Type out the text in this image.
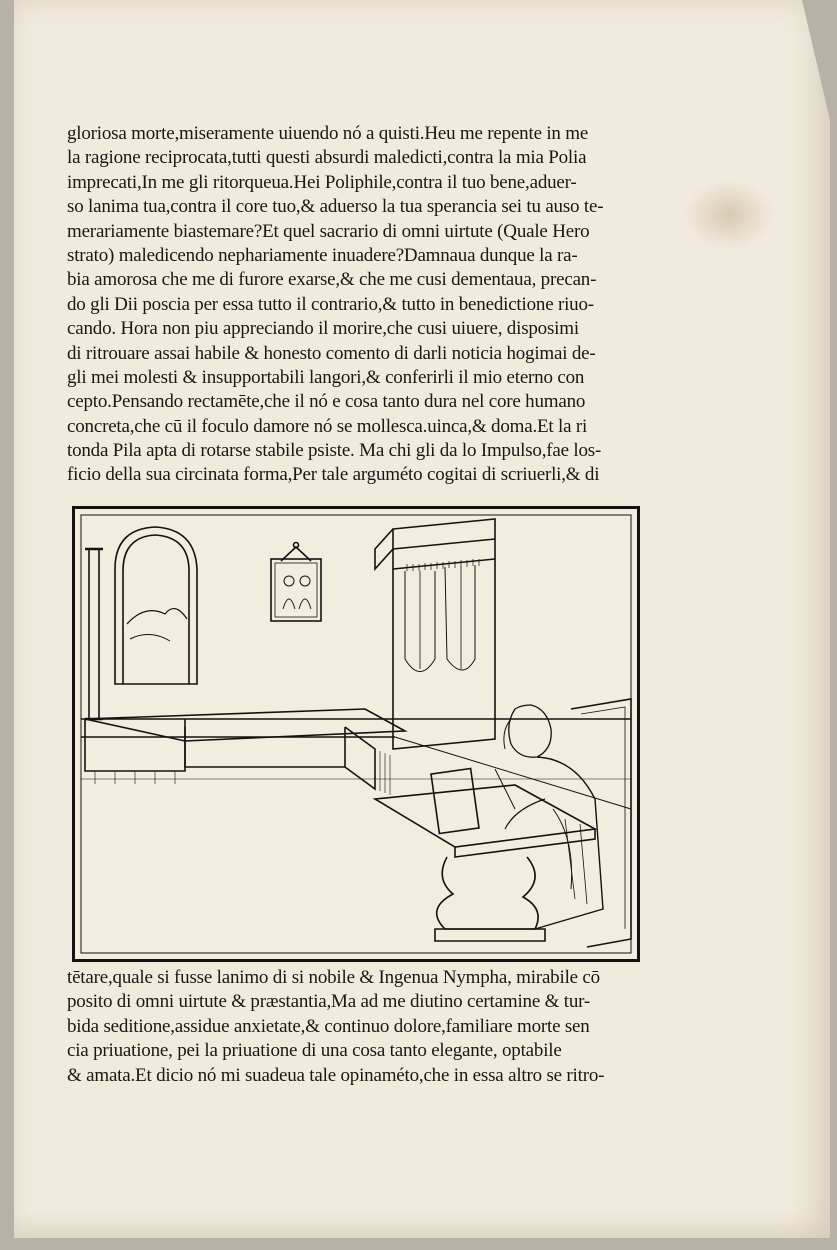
gloriosa morte,miseramente uiuendo nó a quisti.Heu me repente in me
la ragione reciprocata,tutti questi absurdi maledicti,contra la mia Polia
imprecati,In me gli ritorqueua.Hei Poliphile,contra il tuo bene,aduer-
so lanima tua,contra il core tuo,& aduerso la tua sperancia sei tu auso te-
merariamente biastemare?Et quel sacrario di omni uirtute (Quale Hero
strato) maledicendo nephariamente inuadere?Damnaua dunque la ra-
bia amorosa che me di furore exarse,& che me cusi dementaua, precan-
do gli Dii poscia per essa tutto il contrario,& tutto in benedictione riuo-
cando. Hora non piu appreciando il morire,che cusi uiuere, disposimi
di ritrouare assai habile & honesto comento di darli noticia hogimai de-
gli mei molesti & insupportabili langori,& conferirli il mio eterno con
cepto.Pensando rectamēte,che il nó e cosa tanto dura nel core humano
concreta,che cū il foculo damore nó se mollesca.uinca,& doma.Et la ri
tonda Pila apta di rotarse stabile psiste. Ma chi gli da lo Impulso,fae los-
ficio della sua circinata forma,Per tale arguméto cogitai di scriuerli,& di
tētare,quale si fusse lanimo di si nobile & Ingenua Nympha, mirabile cō
posito di omni uirtute & præstantia,Ma ad me diutino certamine & tur-
bida seditione,assidue anxietate,& continuo dolore,familiare morte sen
cia priuatione, pei la priuatione di una cosa tanto elegante, optabile
& amata.Et dicio nó mi suadeua tale opinaméto,che in essa altro se ritro-
